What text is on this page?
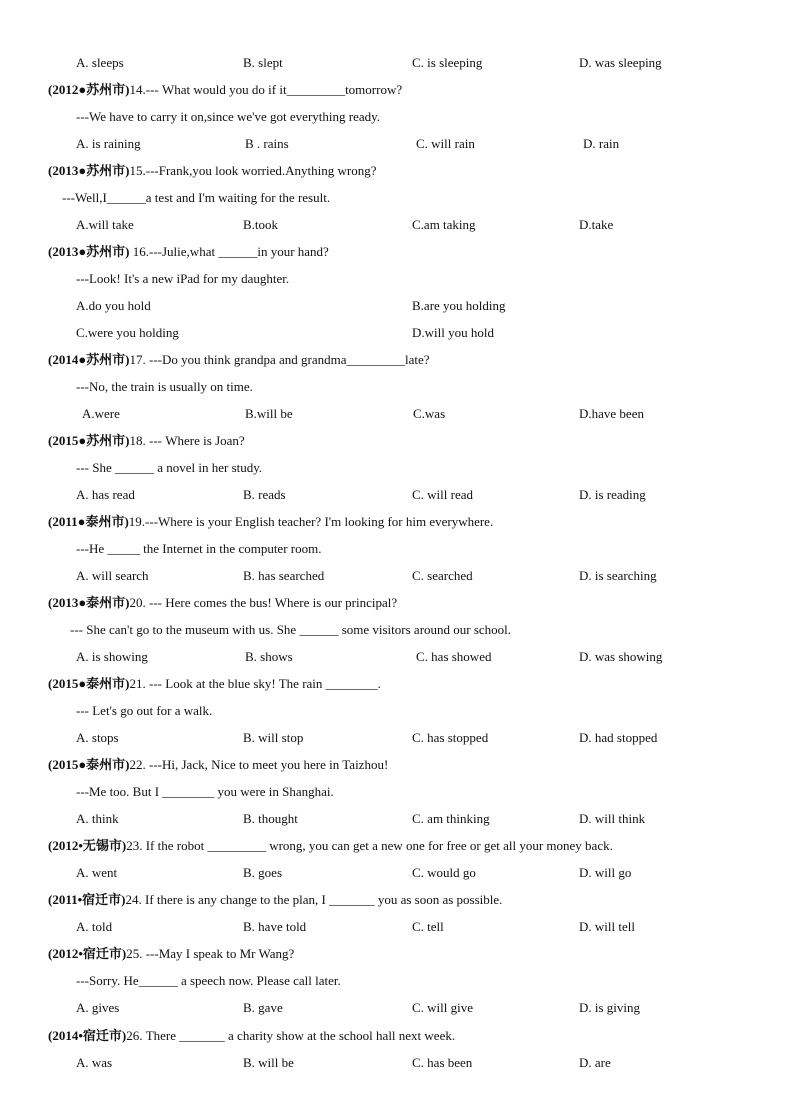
A. sleeps	B. slept	C. is sleeping	D. was sleeping
(2012●苏州市)14.--- What would you do if it_________tomorrow?
---We have to carry it on,since we've got everything ready.
A. is raining	B . rains	C. will rain	D. rain
(2013●苏州市)15.---Frank,you look worried.Anything wrong?
---Well,I______a test and I'm waiting for the result.
A.will take	B.took	C.am taking	D.take
(2013●苏州市) 16.---Julie,what ______in your hand?
---Look! It's a new iPad for my daughter.
A.do you hold	B.are you holding
C.were you holding	D.will you hold
(2014●苏州市)17. ---Do you think grandpa and grandma_________late?
---No, the train is usually on time.
A.were	B.will be	C.was	D.have been
(2015●苏州市)18. --- Where is Joan?
--- She ______ a novel in her study.
A. has read	B. reads	C. will read	D. is reading
(2011●泰州市)19.---Where is your English teacher? I'm looking for him everywhere.
---He _____ the Internet in the computer room.
A. will search	B. has searched	C. searched	D. is searching
(2013●泰州市)20. --- Here comes the bus! Where is our principal?
--- She can't go to the museum with us. She ______ some visitors around our school.
A. is showing	B. shows	C. has showed	D. was showing
(2015●泰州市)21. --- Look at the blue sky! The rain ________.
--- Let's go out for a walk.
A. stops	B. will stop	C. has stopped	D. had stopped
(2015●泰州市)22. ---Hi, Jack, Nice to meet you here in Taizhou!
---Me too. But I ________ you were in Shanghai.
A. think	B. thought	C. am thinking	D. will think
(2012•无锡市)23. If the robot _________ wrong, you can get a new one for free or get all your money back.
A. went	B. goes	C. would go	D. will go
(2011•宿迁市)24. If there is any change to the plan, I _______ you as soon as possible.
A. told	B. have told	C. tell	D. will tell
(2012•宿迁市)25. ---May I speak to Mr Wang?
---Sorry. He______ a speech now. Please call later.
A. gives	B. gave	C. will give	D. is giving
(2014•宿迁市)26. There _______ a charity show at the school hall next week.
A. was	B. will be	C. has been	D. are
